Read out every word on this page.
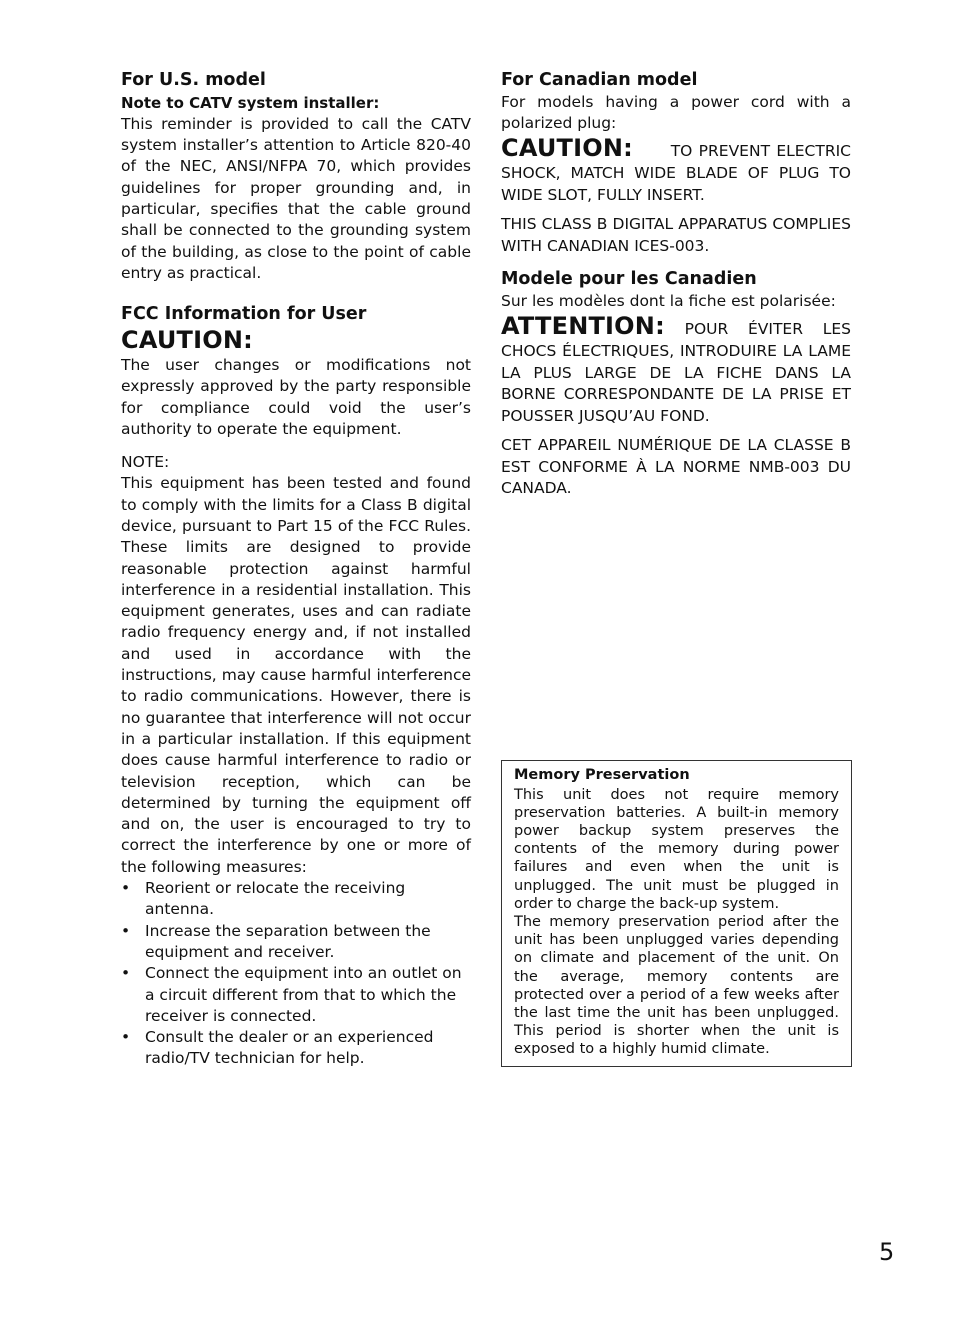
For U.S. model
Note to CATV system installer:

This reminder is provided to call the CATV system installer’s attention to Article 820-40 of the NEC, ANSI/NFPA 70, which provides guidelines for proper grounding and, in particular, specifies that the cable ground shall be connected to the grounding system of the building, as close to the point of cable entry as practical.

FCC Information for User
CAUTION:

The user changes or modifications not expressly approved by the party responsible for compliance could void the user’s authority to operate the equipment.

NOTE:

This equipment has been tested and found to comply with the limits for a Class B digital device, pursuant to Part 15 of the FCC Rules. These limits are designed to provide reasonable protection against harmful interference in a residential installation. This equipment generates, uses and can radiate radio frequency energy and, if not installed and used in accordance with the instructions, may cause harmful interference to radio communications. However, there is no guarantee that interference will not occur in a particular installation. If this equipment does cause harmful interference to radio or television reception, which can be determined by turning the equipment off and on, the user is encouraged to try to correct the interference by one or more of the following measures:

• Reorient or relocate the receiving antenna.
• Increase the separation between the equipment and receiver.
• Connect the equipment into an outlet on a circuit different from that to which the receiver is connected.
• Consult the dealer or an experienced radio/TV technician for help.
For Canadian model

For models having a power cord with a polarized plug:

CAUTION: TO PREVENT ELECTRIC SHOCK, MATCH WIDE BLADE OF PLUG TO WIDE SLOT, FULLY INSERT.

THIS CLASS B DIGITAL APPARATUS COMPLIES WITH CANADIAN ICES-003.

Modele pour les Canadien

Sur les modèles dont la fiche est polarisée:

ATTENTION: POUR ÉVITER LES CHOCS ÉLECTRIQUES, INTRODUIRE LA LAME LA PLUS LARGE DE LA FICHE DANS LA BORNE CORRESPONDANTE DE LA PRISE ET POUSSER JUSQU’AU FOND.

CET APPAREIL NUMÉRIQUE DE LA CLASSE B EST CONFORME À LA NORME NMB-003 DU CANADA.

Memory Preservation

This unit does not require memory preservation batteries. A built-in memory power backup system preserves the contents of the memory during power failures and even when the unit is unplugged. The unit must be plugged in order to charge the back-up system.

The memory preservation period after the unit has been unplugged varies depending on climate and placement of the unit. On the average, memory contents are protected over a period of a few weeks after the last time the unit has been unplugged. This period is shorter when the unit is exposed to a highly humid climate.

5
